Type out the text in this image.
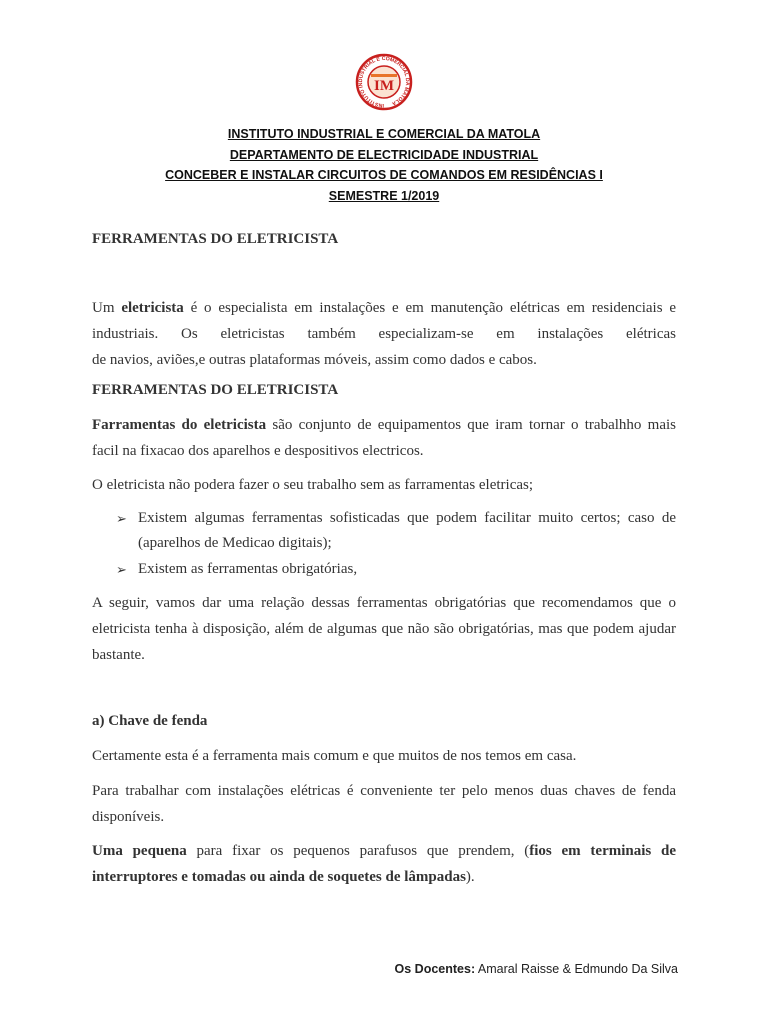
INSTITUTO INDUSTRIAL E COMERCIAL DA MATOLA
IM
INSTITUTO INDUSTRIAL E COMERCIAL DA MATOLA
DEPARTAMENTO DE ELECTRICIDADE INDUSTRIAL
CONCEBER E INSTALAR CIRCUITOS DE COMANDOS EM RESIDÊNCIAS I
SEMESTRE 1/2019
FERRAMENTAS DO ELETRICISTA
Um eletricista é o especialista em instalações e em manutenção elétricas em residenciais e
industriais. Os eletricistas também especializam-se em instalações elétricas
de navios, aviões,e outras plataformas móveis, assim como dados e cabos.
FERRAMENTAS DO ELETRICISTA
Farramentas do eletricista são conjunto de equipamentos que iram tornar o trabalhho mais facil na fixacao dos aparelhos e despositivos electricos.
O eletricista não podera fazer o seu trabalho sem as farramentas eletricas;
➢ Existem algumas ferramentas sofisticadas que podem facilitar muito certos; caso de (aparelhos de Medicao digitais);
➢ Existem as ferramentas obrigatórias,
A seguir, vamos dar uma relação dessas ferramentas obrigatórias que recomendamos que o eletricista tenha à disposição, além de algumas que não são obrigatórias, mas que podem ajudar bastante.
a) Chave de fenda
Certamente esta é a ferramenta mais comum e que muitos de nos temos em casa.
Para trabalhar com instalações elétricas é conveniente ter pelo menos duas chaves de fenda disponíveis.
Uma pequena para fixar os pequenos parafusos que prendem, (fios em terminais de interruptores e tomadas ou ainda de soquetes de lâmpadas).
Os Docentes: Amaral Raisse & Edmundo Da Silva
